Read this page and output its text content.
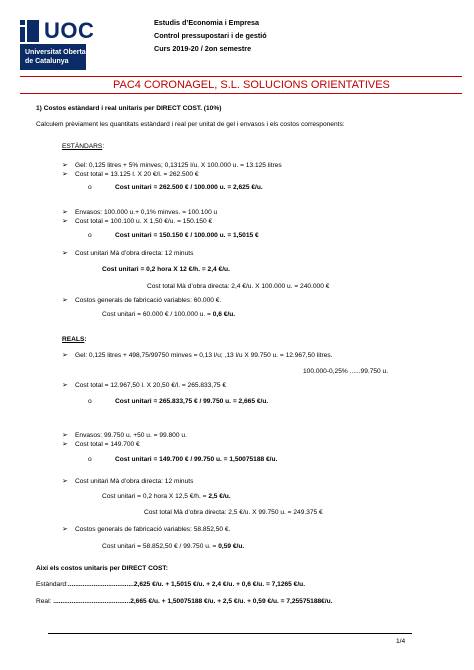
UOC
Universitat Oberta
de Catalunya
Estudis d’Economia i Empresa
Control pressupostari i de gestió
Curs 2019-20 / 2on semestre
PAC4 CORONAGEL, S.L. SOLUCIONS ORIENTATIVES
1) Costos estàndard i real unitaris per DIRECT COST. (10%)
Calculem prèviament les quantitats estàndard i real per unitat de gel i envasos i els costos corresponents:
ESTÀNDARS:
➢ Gel: 0,125 litres + 5% minves; 0,13125 l/u. X 100.000 u. = 13.125 litres
➢ Cost total = 13.125 l. X 20 €/l. = 262.500 €
o	Cost unitari = 262.500 € / 100.000 u. = 2,625 €/u.
➢ Envasos: 100.000 u.+ 0,1% minves. = 100.100 u
➢ Cost total = 100.100 u. X 1,50 €/u. = 150.150 €
o	Cost unitari = 150.150 € / 100.000 u. = 1,5015 €
➢ Cost unitari Mà d’obra directa: 12 minuts
Cost unitari = 0,2 hora X 12 €/h. = 2,4 €/u.
Cost total Mà d’obra directa: 2,4 €/u. X 100.000 u. = 240.000 €
➢ Costos generals de fabricació variables: 60.000 €.
Cost unitari = 60.000 € / 100.000 u. = 0,6 €/u.
REALS:
➢ Gel: 0,125 litres + 498,75/99750 minves = 0,13 l/u; ,13 l/u X 99.750 u. = 12.967,50 litres.
100.000-0,25% ......99.750 u.
➢ Cost total = 12.967,50 l. X 20,50 €/l. = 265.833,75 €
o	Cost unitari = 265.833,75 € / 99.750 u. = 2,665 €/u.
➢ Envasos: 99.750 u. +50 u. = 99.800 u.
➢ Cost total = 149.700 €
o	Cost unitari = 149.700 € / 99.750 u. = 1,50075188 €/u.
➢ Cost unitari Mà d’obra directa: 12 minuts
Cost unitari = 0,2 hora X 12,5 €/h. = 2,5 €/u.
Cost total Mà d’obra directa: 2,5 €/u. X 99.750 u. = 249.375 €
➢ Costos generals de fabricació variables: 58.852,50 €.
Cost unitari = 58.852,50 € / 99.750 u. = 0,59 €/u.
Així els costos unitaris per DIRECT COST:
Estàndard:....................................2,625 €/u. + 1,5015 €/u. + 2,4 €/u. + 0,6 €/u. = 7,1265 €/u.
Real: ..........................................2,665 €/u. + 1,50075188 €/u. + 2,5 €/u. + 0,59 €/u. = 7,25575188€/u.
1/4
